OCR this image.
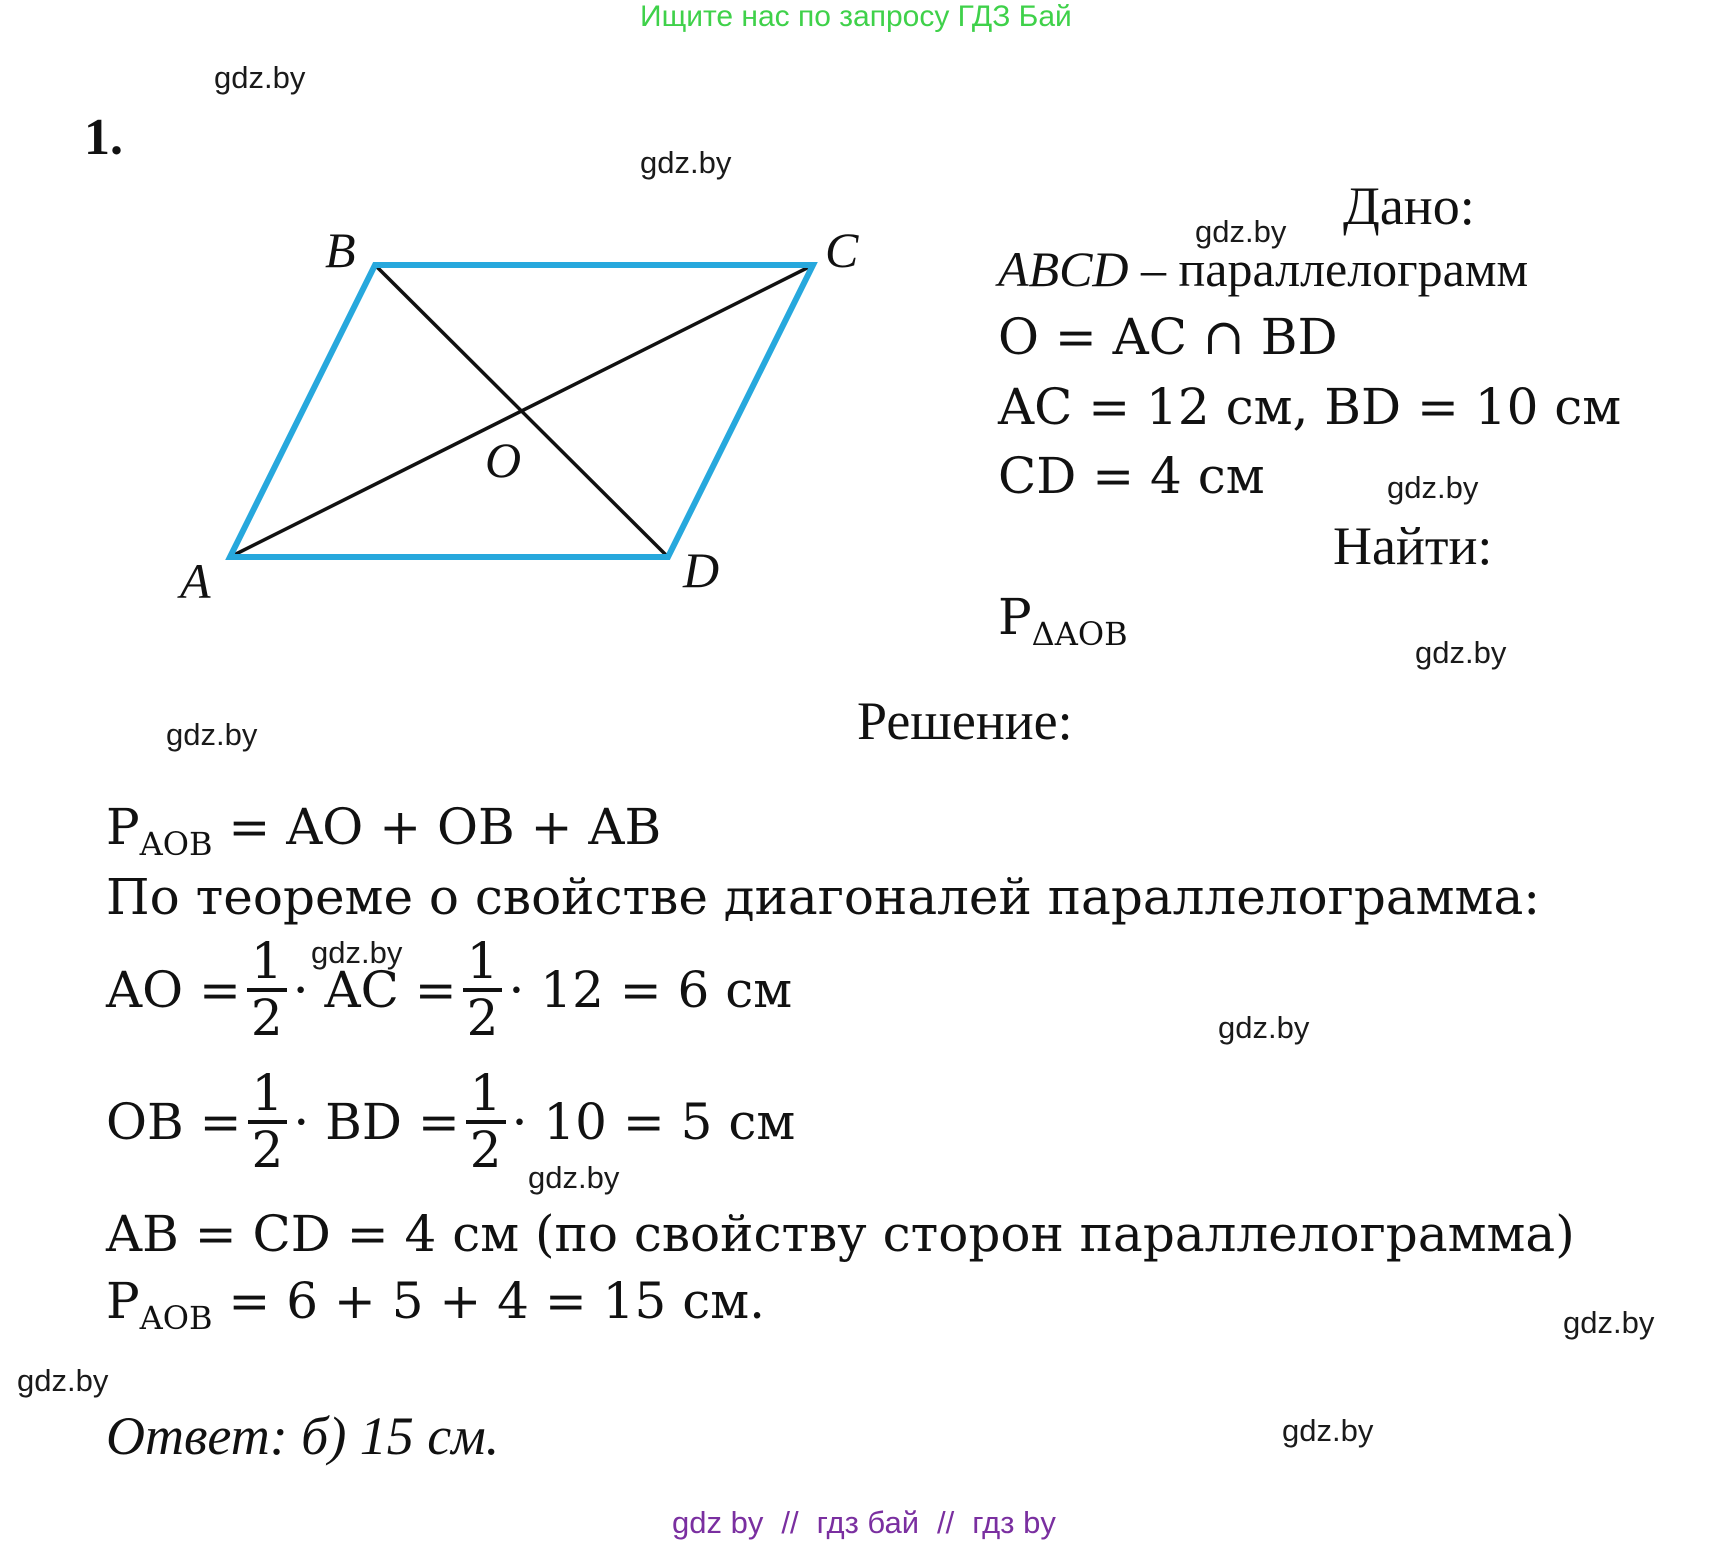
Ищите нас по запросу ГДЗ Бай
gdz.by
gdz.by
gdz.by
gdz.by
gdz.by
gdz.by
gdz.by
gdz.by
gdz.by
gdz.by
gdz.by
gdz.by
1.
B	C
A	D
O
Дано:
ABCD – параллелограмм
O = AC ∩ BD
AC = 12 см, BD = 10 см
CD = 4 см
Найти:
$P_{\Delta AOB}$
Решение:
$P_{AOB}$ = AO + OB + AB
По теореме о свойстве диагоналей параллелограмма:
AO = $\frac{1}{2}$ · AC = $\frac{1}{2} \cdot 12 = 6$ см
OB = $\frac{1}{2}$ · BD = $\frac{1}{2} \cdot 10 = 5$ см
AB = CD = 4 см (по свойству сторон параллелограмма)
$P_{AOB} = 6 + 5 + 4 = 15$ см.
Ответ: б) 15 см.
gdz by // гдз бай // гдз by
